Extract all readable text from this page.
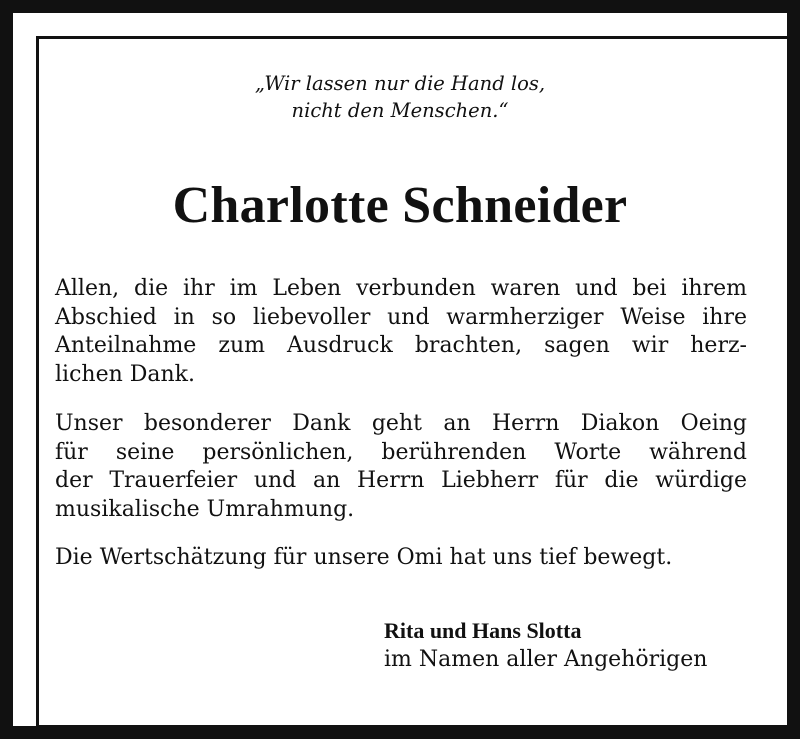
„Wir lassen nur die Hand los,

nicht den Menschen.“

Charlotte Schneider

Allen, die ihr im Leben verbunden waren und bei ihrem
Abschied in so liebevoller und warmherziger Weise ihre
Anteilnahme zum Ausdruck brachten, sagen wir herz-
lichen Dank.

Unser besonderer Dank geht an Herrn Diakon Oeing
für seine persönlichen, berührenden Worte während
der Trauerfeier und an Herrn Liebherr für die würdige
musikalische Umrahmung.

Die Wertschätzung für unsere Omi hat uns tief bewegt.

Rita und Hans Slotta
im Namen aller Angehörigen
